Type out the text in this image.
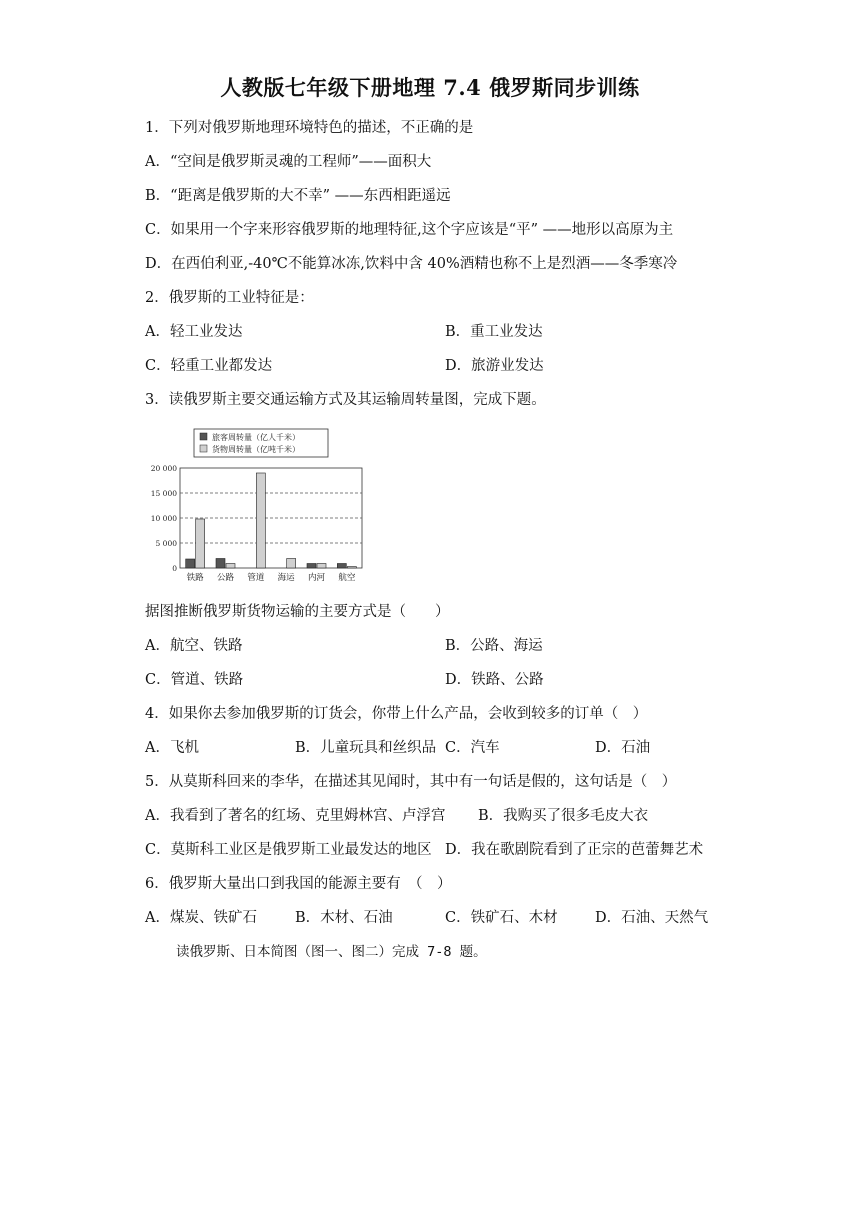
人教版七年级下册地理 7.4 俄罗斯同步训练
1．下列对俄罗斯地理环境特色的描述，不正确的是
A．“空间是俄罗斯灵魂的工程师”——面积大
B．“距离是俄罗斯的大不幸” ——东西相距遥远
C．如果用一个字来形容俄罗斯的地理特征,这个字应该是“平” ——地形以高原为主
D．在西伯利亚,-40℃不能算冰冻,饮料中含 40%酒精也称不上是烈酒——冬季寒冷
2．俄罗斯的工业特征是：
A．轻工业发达	B．重工业发达
C．轻重工业都发达	D．旅游业发达
3．读俄罗斯主要交通运输方式及其运输周转量图，完成下题。
旅客周转量（亿人千米）
货物周转量（亿吨千米）
20 000
15 000
10 000
5 000
0
铁路 公路 管道 海运 内河 航空
据图推断俄罗斯货物运输的主要方式是（　　）
A．航空、铁路	B．公路、海运
C．管道、铁路	D．铁路、公路
4．如果你去参加俄罗斯的订货会，你带上什么产品，会收到较多的订单（　）
A．飞机	B．儿童玩具和丝织品 C．汽车	D．石油
5．从莫斯科回来的李华，在描述其见闻时，其中有一句话是假的，这句话是（　）
A．我看到了著名的红场、克里姆林宫、卢浮宫 B．我购买了很多毛皮大衣
C．莫斯科工业区是俄罗斯工业最发达的地区 D．我在歌剧院看到了正宗的芭蕾舞艺术
6．俄罗斯大量出口到我国的能源主要有　（　）
A．煤炭、铁矿石	B．木材、石油	C．铁矿石、木材	D．石油、天然气
读俄罗斯、日本简图（图一、图二）完成 7-8 题。
